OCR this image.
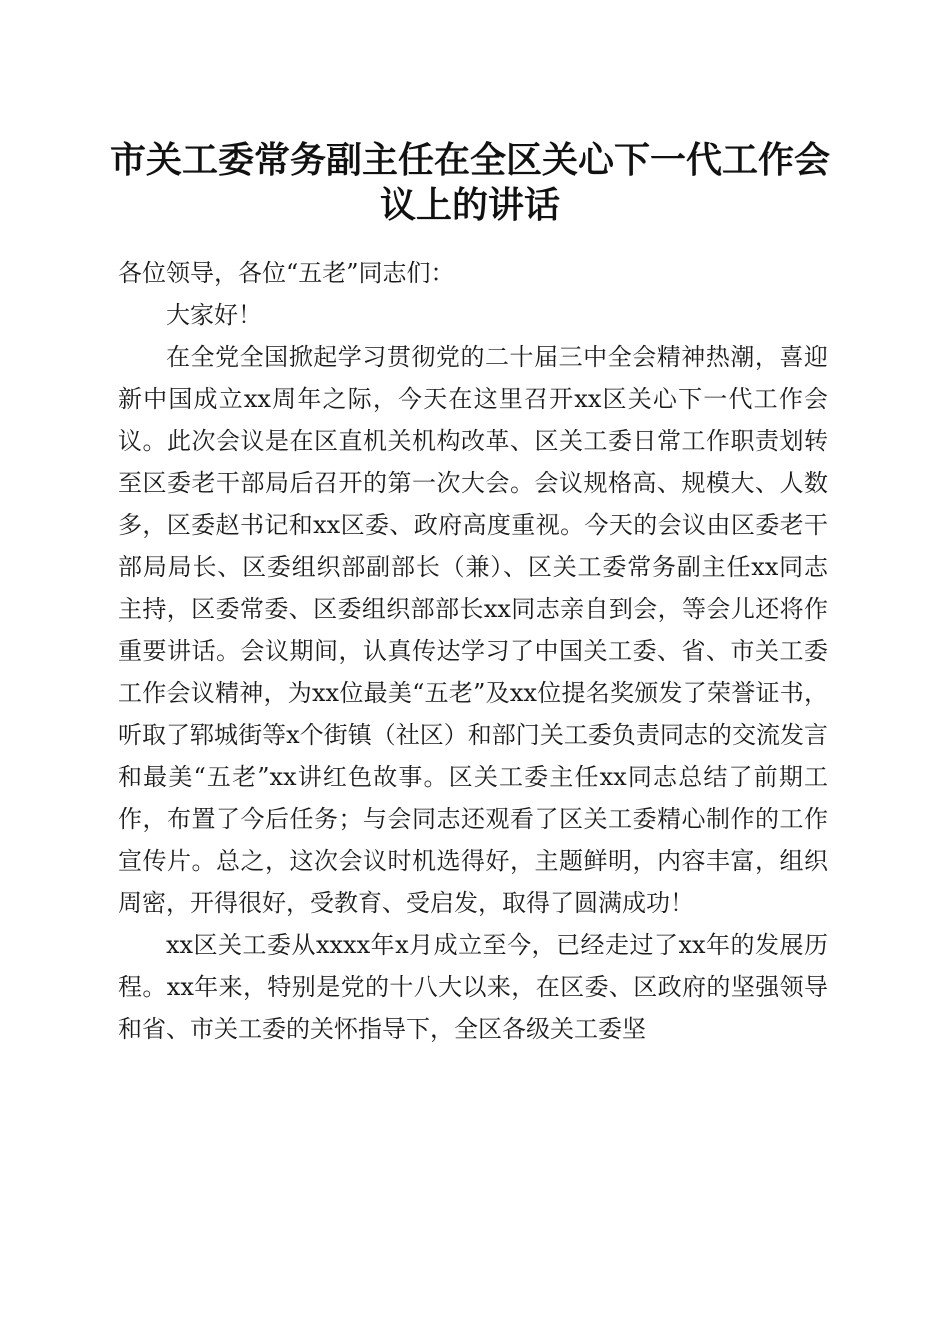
市关工委常务副主任在全区关心下一代工作会议上的讲话

各位领导，各位“五老”同志们：

大家好！

在全党全国掀起学习贯彻党的二十届三中全会精神热潮，喜迎新中国成立xx周年之际，今天在这里召开xx区关心下一代工作会议。此次会议是在区直机关机构改革、区关工委日常工作职责划转至区委老干部局后召开的第一次大会。会议规格高、规模大、人数多，区委赵书记和xx区委、政府高度重视。今天的会议由区委老干部局局长、区委组织部副部长（兼）、区关工委常务副主任xx同志主持，区委常委、区委组织部部长xx同志亲自到会，等会儿还将作重要讲话。会议期间，认真传达学习了中国关工委、省、市关工委工作会议精神，为xx位最美“五老”及xx位提名奖颁发了荣誉证书，听取了郓城街等x个街镇（社区）和部门关工委负责同志的交流发言和最美“五老”xx讲红色故事。区关工委主任xx同志总结了前期工作，布置了今后任务；与会同志还观看了区关工委精心制作的工作宣传片。总之，这次会议时机选得好，主题鲜明，内容丰富，组织周密，开得很好，受教育、受启发，取得了圆满成功！

xx区关工委从xxxx年x月成立至今，已经走过了xx年的发展历程。xx年来，特别是党的十八大以来，在区委、区政府的坚强领导和省、市关工委的关怀指导下，全区各级关工委坚
